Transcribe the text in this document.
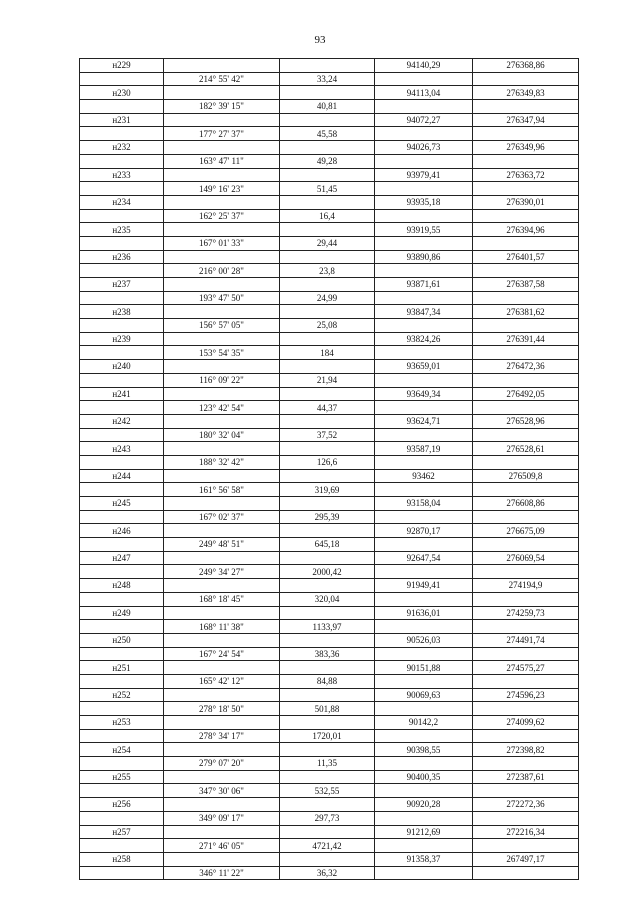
93
н229			94140,29	276368,86
	214° 55' 42"	33,24		
н230			94113,04	276349,83
	182° 39' 15"	40,81		
н231			94072,27	276347,94
	177° 27' 37"	45,58		
н232			94026,73	276349,96
	163° 47' 11"	49,28		
н233			93979,41	276363,72
	149° 16' 23"	51,45		
н234			93935,18	276390,01
	162° 25' 37"	16,4		
н235			93919,55	276394,96
	167° 01' 33"	29,44		
н236			93890,86	276401,57
	216° 00' 28"	23,8		
н237			93871,61	276387,58
	193° 47' 50"	24,99		
н238			93847,34	276381,62
	156° 57' 05"	25,08		
н239			93824,26	276391,44
	153° 54' 35"	184		
н240			93659,01	276472,36
	116° 09' 22"	21,94		
н241			93649,34	276492,05
	123° 42' 54"	44,37		
н242			93624,71	276528,96
	180° 32' 04"	37,52		
н243			93587,19	276528,61
	188° 32' 42"	126,6		
н244			93462	276509,8
	161° 56' 58"	319,69		
н245			93158,04	276608,86
	167° 02' 37"	295,39		
н246			92870,17	276675,09
	249° 48' 51"	645,18		
н247			92647,54	276069,54
	249° 34' 27"	2000,42		
н248			91949,41	274194,9
	168° 18' 45"	320,04		
н249			91636,01	274259,73
	168° 11' 38"	1133,97		
н250			90526,03	274491,74
	167° 24' 54"	383,36		
н251			90151,88	274575,27
	165° 42' 12"	84,88		
н252			90069,63	274596,23
	278° 18' 50"	501,88		
н253			90142,2	274099,62
	278° 34' 17"	1720,01		
н254			90398,55	272398,82
	279° 07' 20"	11,35		
н255			90400,35	272387,61
	347° 30' 06"	532,55		
н256			90920,28	272272,36
	349° 09' 17"	297,73		
н257			91212,69	272216,34
	271° 46' 05"	4721,42		
н258			91358,37	267497,17
	346° 11' 22"	36,32		
